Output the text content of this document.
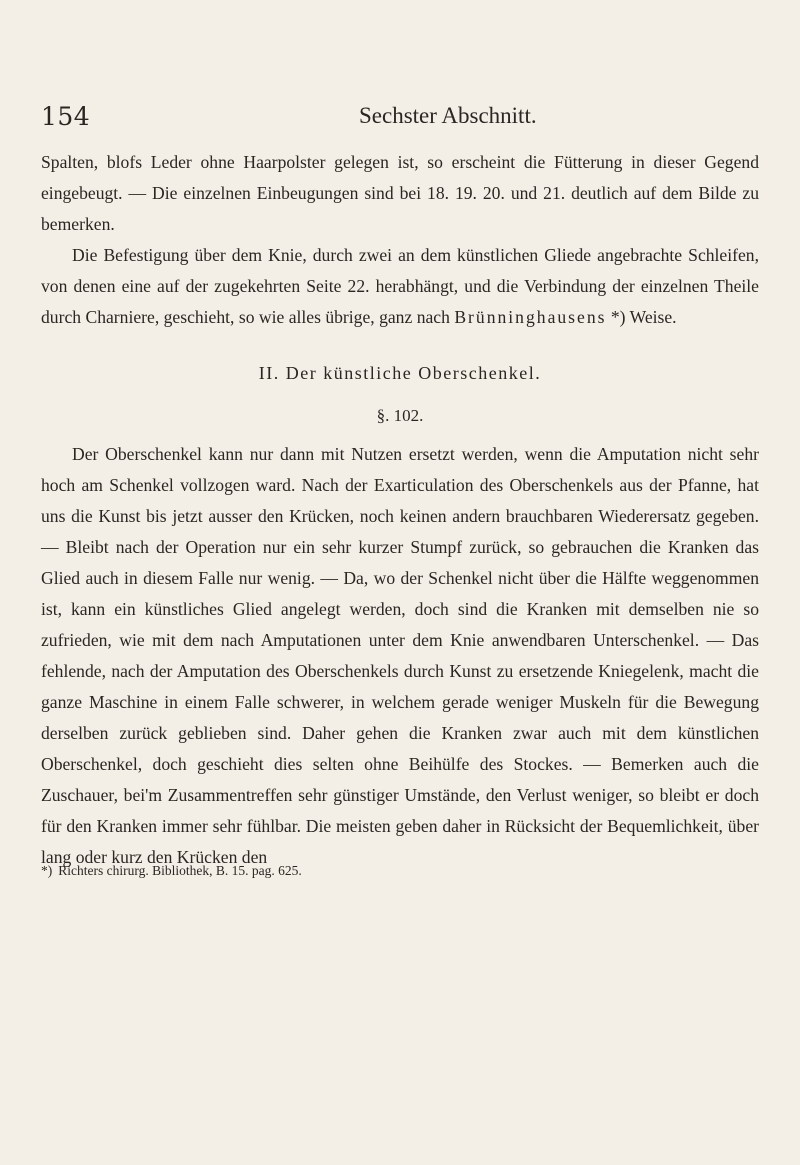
154	Sechster Abschnitt.

Spalten, blofs Leder ohne Haarpolster gelegen ist, so erscheint die Fütterung in dieser Gegend eingebeugt. — Die einzelnen Einbeugungen sind bei 18. 19. 20. und 21. deutlich auf dem Bilde zu bemerken.

Die Befestigung über dem Knie, durch zwei an dem künstlichen Gliede angebrachte Schleifen, von denen eine auf der zugekehrten Seite 22. herabhängt, und die Verbindung der einzelnen Theile durch Charniere, geschieht, so wie alles übrige, ganz nach Brünninghausens *) Weise.

II. Der künstliche Oberschenkel.
§. 102.

Der Oberschenkel kann nur dann mit Nutzen ersetzt werden, wenn die Amputation nicht sehr hoch am Schenkel vollzogen ward. Nach der Exarticulation des Oberschenkels aus der Pfanne, hat uns die Kunst bis jetzt ausser den Krücken, noch keinen andern brauchbaren Wiederersatz gegeben. — Bleibt nach der Operation nur ein sehr kurzer Stumpf zurück, so gebrauchen die Kranken das Glied auch in diesem Falle nur wenig. — Da, wo der Schenkel nicht über die Hälfte weggenommen ist, kann ein künstliches Glied angelegt werden, doch sind die Kranken mit demselben nie so zufrieden, wie mit dem nach Amputationen unter dem Knie anwendbaren Unterschenkel. — Das fehlende, nach der Amputation des Oberschenkels durch Kunst zu ersetzende Kniegelenk, macht die ganze Maschine in einem Falle schwerer, in welchem gerade weniger Muskeln für die Bewegung derselben zurück geblieben sind. Daher gehen die Kranken zwar auch mit dem künstlichen Oberschenkel, doch geschieht dies selten ohne Beihülfe des Stockes. — Bemerken auch die Zuschauer, bei'm Zusammentreffen sehr günstiger Umstände, den Verlust weniger, so bleibt er doch für den Kranken immer sehr fühlbar. Die meisten geben daher in Rücksicht der Bequemlichkeit, über lang oder kurz den Krücken den

*) Richters chirurg. Bibliothek, B. 15. pag. 625.
